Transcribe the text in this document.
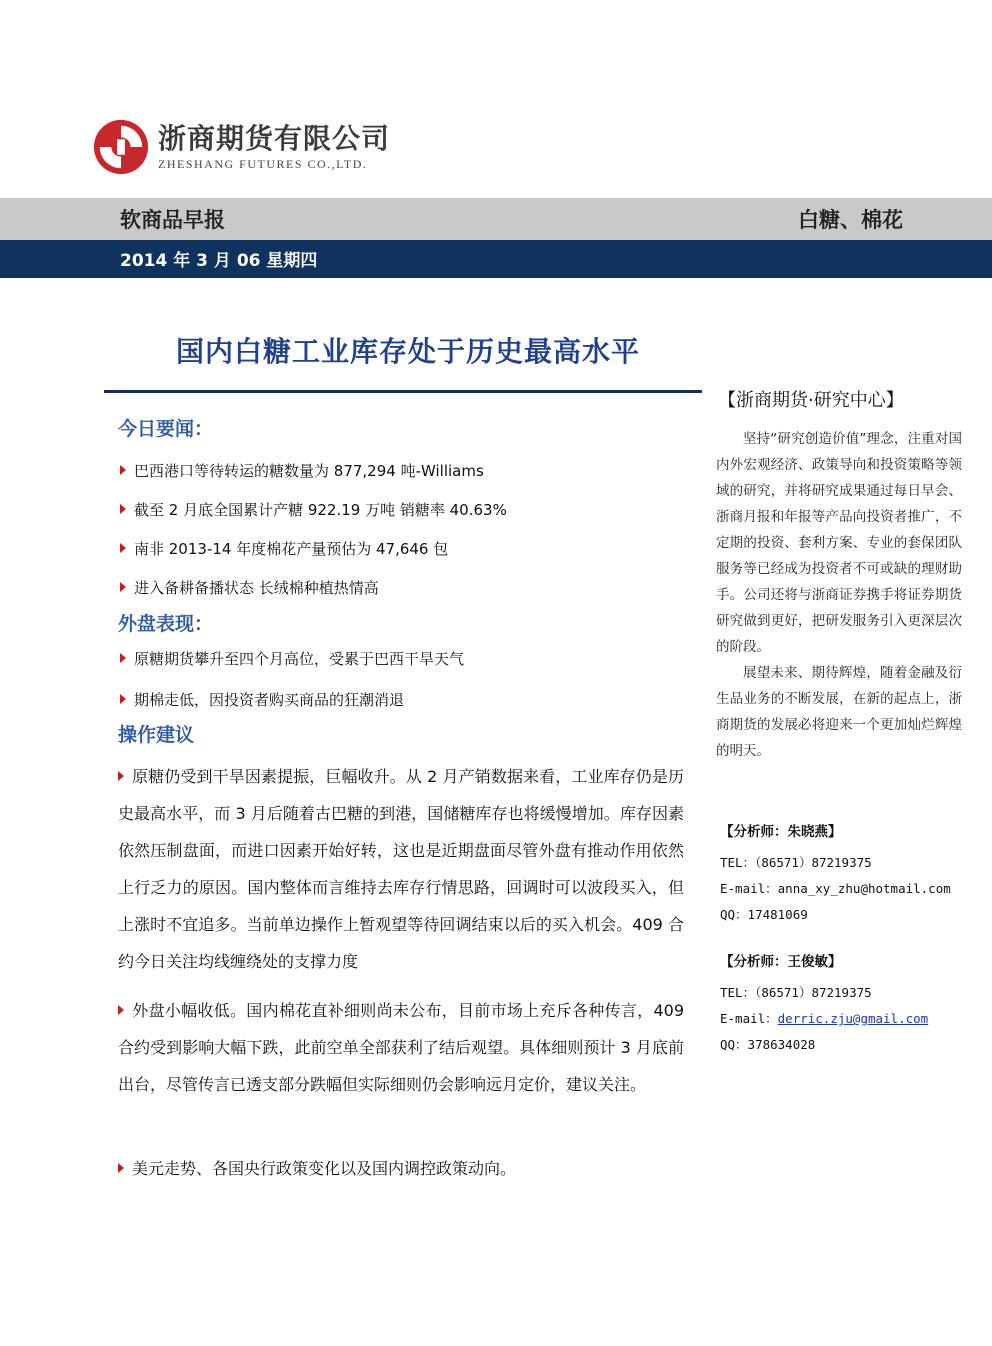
浙商期货有限公司
ZHESHANG FUTURES CO.,LTD.
软商品早报	白糖、棉花
2014 年 3 月 06 星期四
国内白糖工业库存处于历史最高水平
今日要闻：
巴西港口等待转运的糖数量为 877,294 吨-Williams
截至 2 月底全国累计产糖 922.19 万吨 销糖率 40.63%
南非 2013-14 年度棉花产量预估为 47,646 包
进入备耕备播状态 长绒棉种植热情高
外盘表现：
原糖期货攀升至四个月高位，受累于巴西干旱天气
期棉走低，因投资者购买商品的狂潮消退
操作建议
原糖仍受到干旱因素提振，巨幅收升。从 2 月产销数据来看，工业库存仍是历史最高水平，而 3 月后随着古巴糖的到港，国储糖库存也将缓慢增加。库存因素依然压制盘面，而进口因素开始好转，这也是近期盘面尽管外盘有推动作用依然上行乏力的原因。国内整体而言维持去库存行情思路，回调时可以波段买入，但上涨时不宜追多。当前单边操作上暂观望等待回调结束以后的买入机会。409 合约今日关注均线缠绕处的支撑力度
外盘小幅收低。国内棉花直补细则尚未公布，目前市场上充斥各种传言，409 合约受到影响大幅下跌，此前空单全部获利了结后观望。具体细则预计 3 月底前出台，尽管传言已透支部分跌幅但实际细则仍会影响远月定价，建议关注。
美元走势、各国央行政策变化以及国内调控政策动向。
【浙商期货·研究中心】

坚持“研究创造价值”理念，注重对国内外宏观经济、政策导向和投资策略等领域的研究，并将研究成果通过每日早会、浙商月报和年报等产品向投资者推广，不定期的投资、套利方案、专业的套保团队服务等已经成为投资者不可或缺的理财助手。公司还将与浙商证券携手将证券期货研究做到更好，把研发服务引入更深层次的阶段。

展望未来、期待辉煌，随着金融及衍生品业务的不断发展，在新的起点上，浙商期货的发展必将迎来一个更加灿烂辉煌的明天。

【分析师：朱晓燕】
TEL：（86571）87219375
E-mail：anna_xy_zhu@hotmail.com
QQ：17481069
【分析师：王俊敏】
TEL：（86571）87219375
E-mail：derric.zju@gmail.com
QQ：378634028
